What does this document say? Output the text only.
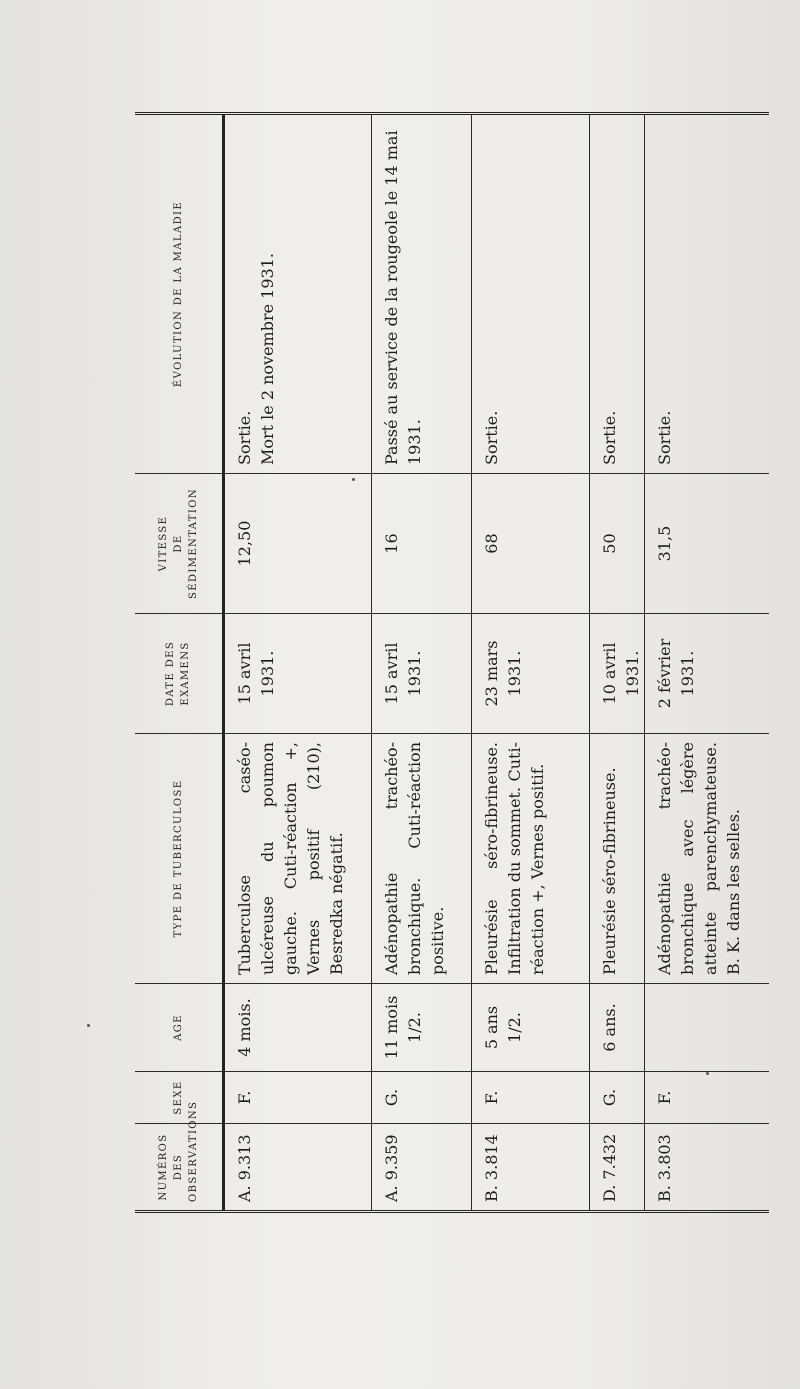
NUMÉROS DES OBSERVATIONS	SEXE	AGE	TYPE DE TUBERCULOSE	DATE DES EXAMENS	VITESSE DE SÉDIMENTATION	ÉVOLUTION DE LA MALADIE
A. 9.313	F.	4 mois.	Tuberculose caséo-ulcéreuse du poumon gauche. Cuti-réaction +, Vernes positif (210), Besredka négatif.	15 avril 1931.	12,50	Sortie. Mort le 2 novembre 1931.

A. 9.359	G.	11 mois 1/2.	Adénopathie trachéo-bronchique. Cuti-réaction positive.	15 avril 1931.	16	Passé au service de la rougeole le 14 mai 1931.

B. 3.814	F.	5 ans 1/2.	Pleurésie séro-fibrineuse. Infiltration du sommet. Cuti-réaction +, Vernes positif.	23 mars 1931.	68	Sortie.

D. 7.432	G.	6 ans.	Pleurésie séro-fibrineuse.	10 avril 1931.	50	Sortie.

B. 3.803	F.		Adénopathie trachéo-bronchique avec légère atteinte parenchymateuse. B. K. dans les selles.	2 février 1931.	31,5	Sortie.
